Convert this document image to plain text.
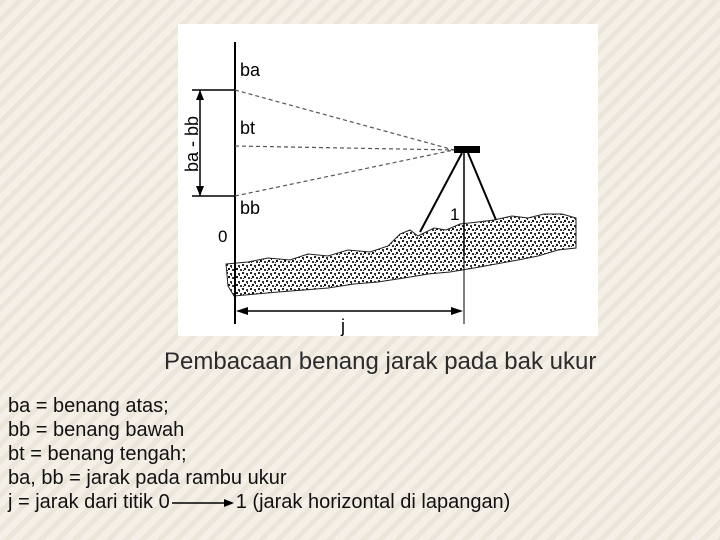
ba
bt
bb
ba - bb
0
1
j
Pembacaan benang jarak pada bak ukur
ba = benang atas;
bb = benang bawah
bt = benang tengah;
ba, bb = jarak pada rambu ukur
j = jarak dari titik 0	1 (jarak horizontal di lapangan)
